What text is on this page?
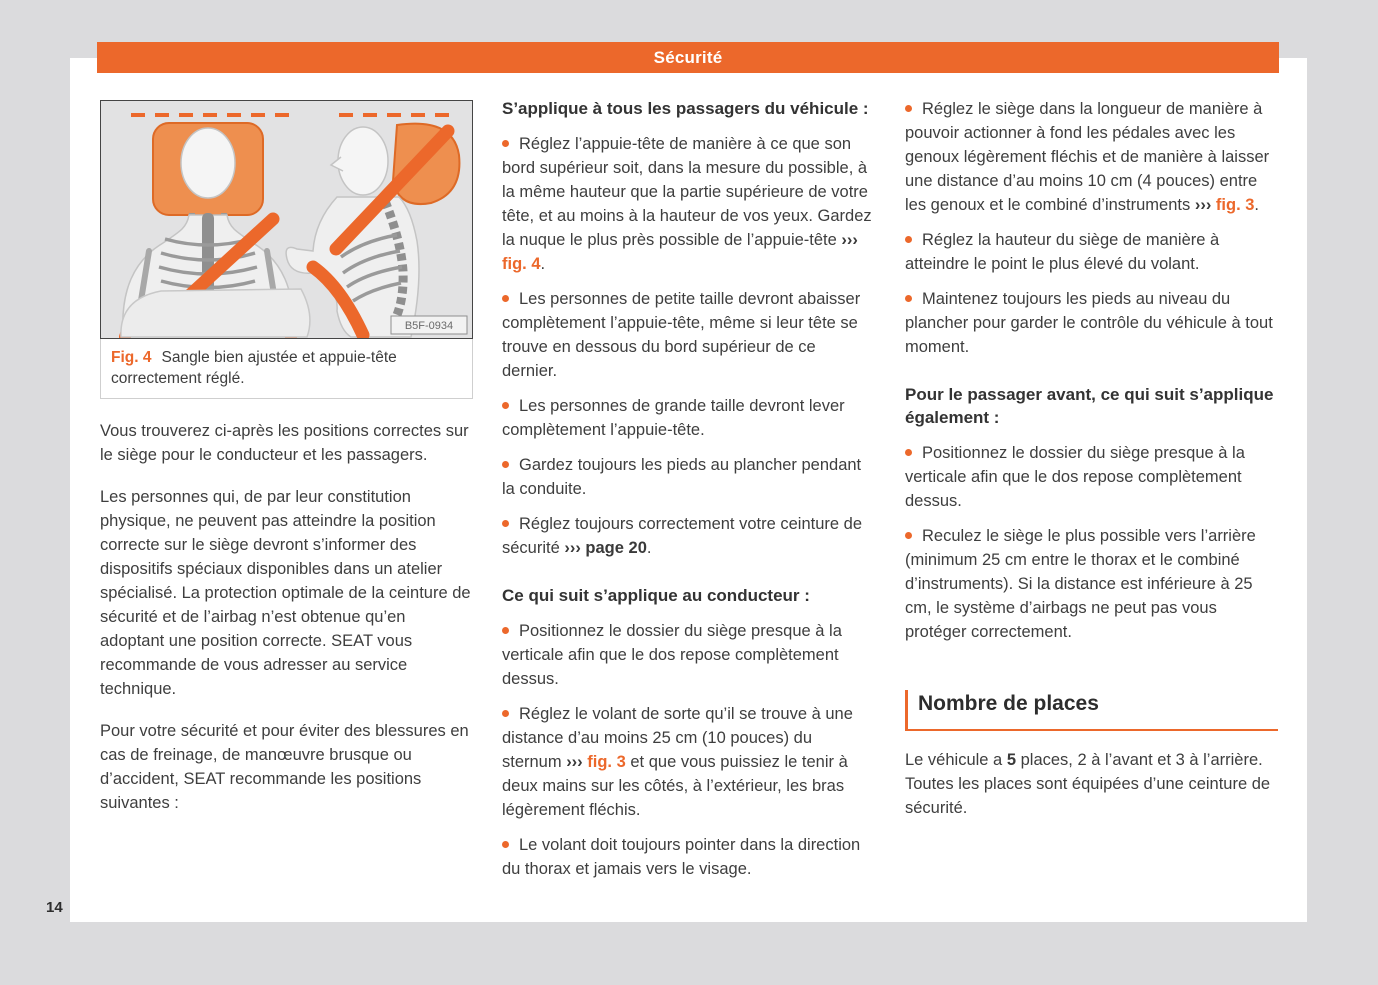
Sécurité
B5F-0934
Fig. 4 Sangle bien ajustée et appuie-tête correctement réglé.

Vous trouverez ci-après les positions correctes sur le siège pour le conducteur et les passagers.

Les personnes qui, de par leur constitution physique, ne peuvent pas atteindre la position correcte sur le siège devront s’informer des dispositifs spéciaux disponibles dans un atelier spécialisé. La protection optimale de la ceinture de sécurité et de l’airbag n’est obtenue qu’en adoptant une position correcte. SEAT vous recommande de vous adresser au service technique.

Pour votre sécurité et pour éviter des blessures en cas de freinage, de manœuvre brusque ou d’accident, SEAT recommande les positions suivantes :

S’applique à tous les passagers du véhicule :

Réglez l’appuie-tête de manière à ce que son bord supérieur soit, dans la mesure du possible, à la même hauteur que la partie supérieure de votre tête, et au moins à la hauteur de vos yeux. Gardez la nuque le plus près possible de l’appuie-tête ››› fig. 4.

Les personnes de petite taille devront abaisser complètement l’appuie-tête, même si leur tête se trouve en dessous du bord supérieur de ce dernier.

Les personnes de grande taille devront lever complètement l’appuie-tête.

Gardez toujours les pieds au plancher pendant la conduite.

Réglez toujours correctement votre ceinture de sécurité ››› page 20.

Ce qui suit s’applique au conducteur :

Positionnez le dossier du siège presque à la verticale afin que le dos repose complètement dessus.

Réglez le volant de sorte qu’il se trouve à une distance d’au moins 25 cm (10 pouces) du sternum ››› fig. 3 et que vous puissiez le tenir à deux mains sur les côtés, à l’extérieur, les bras légèrement fléchis.

Le volant doit toujours pointer dans la direction du thorax et jamais vers le visage.

Réglez le siège dans la longueur de manière à pouvoir actionner à fond les pédales avec les genoux légèrement fléchis et de manière à laisser une distance d’au moins 10 cm (4 pouces) entre les genoux et le combiné d’instruments ››› fig. 3.

Réglez la hauteur du siège de manière à atteindre le point le plus élevé du volant.

Maintenez toujours les pieds au niveau du plancher pour garder le contrôle du véhicule à tout moment.

Pour le passager avant, ce qui suit s’applique également :

Positionnez le dossier du siège presque à la verticale afin que le dos repose complètement dessus.

Reculez le siège le plus possible vers l’arrière (minimum 25 cm entre le thorax et le combiné d’instruments). Si la distance est inférieure à 25 cm, le système d’airbags ne peut pas vous protéger correctement.

Nombre de places

Le véhicule a 5 places, 2 à l’avant et 3 à l’arrière. Toutes les places sont équipées d’une ceinture de sécurité.

14
